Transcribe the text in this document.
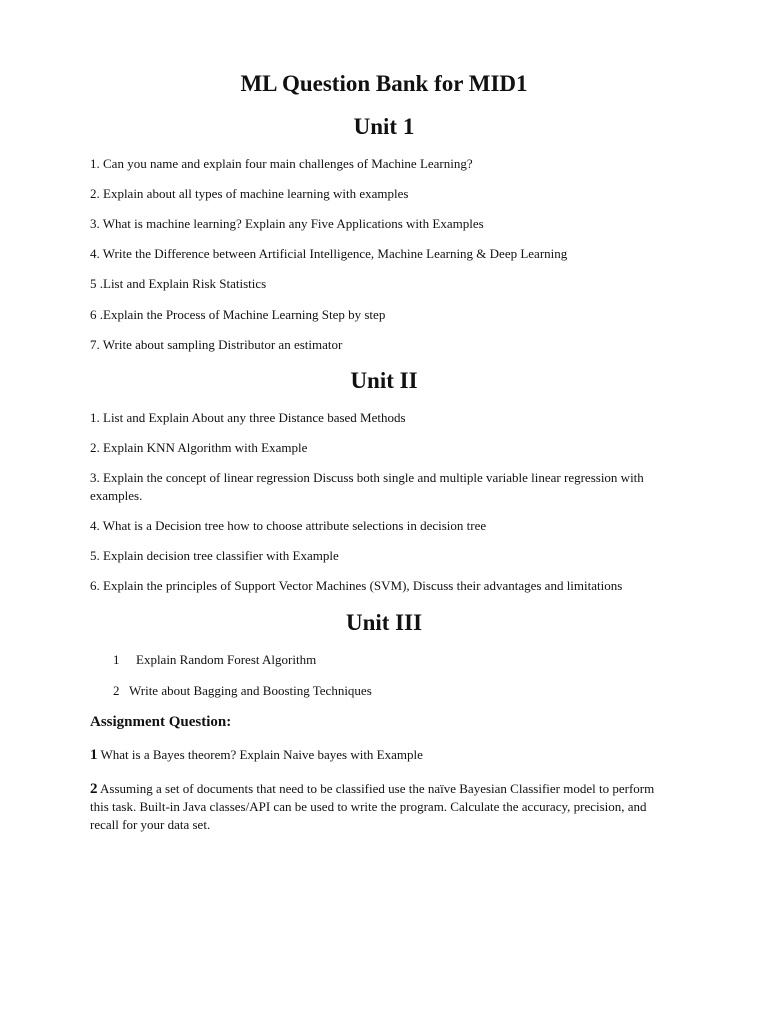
ML Question Bank for MID1
Unit 1

1. Can you name and explain four main challenges of Machine Learning?

2. Explain about all types of machine learning with examples

3. What is machine learning? Explain any Five Applications with Examples

4. Write the Difference between Artificial Intelligence, Machine Learning & Deep Learning

5 .List and Explain Risk Statistics

6 .Explain the Process of Machine Learning Step by step

7. Write about sampling Distributor an estimator

Unit II

1. List and Explain About any three Distance based Methods

2. Explain KNN Algorithm with Example

3. Explain the concept of linear regression Discuss both single and multiple variable linear regression with examples.

4. What is a Decision tree how to choose attribute selections in decision tree

5. Explain decision tree classifier with Example

6. Explain the principles of Support Vector Machines (SVM), Discuss their advantages and limitations

Unit III

1 Explain Random Forest Algorithm

2 Write about Bagging and Boosting Techniques

Assignment Question:

1 What is a Bayes theorem? Explain Naive bayes with Example

2 Assuming a set of documents that need to be classified use the naïve Bayesian Classifier model to perform this task. Built-in Java classes/API can be used to write the program. Calculate the accuracy, precision, and recall for your data set.
